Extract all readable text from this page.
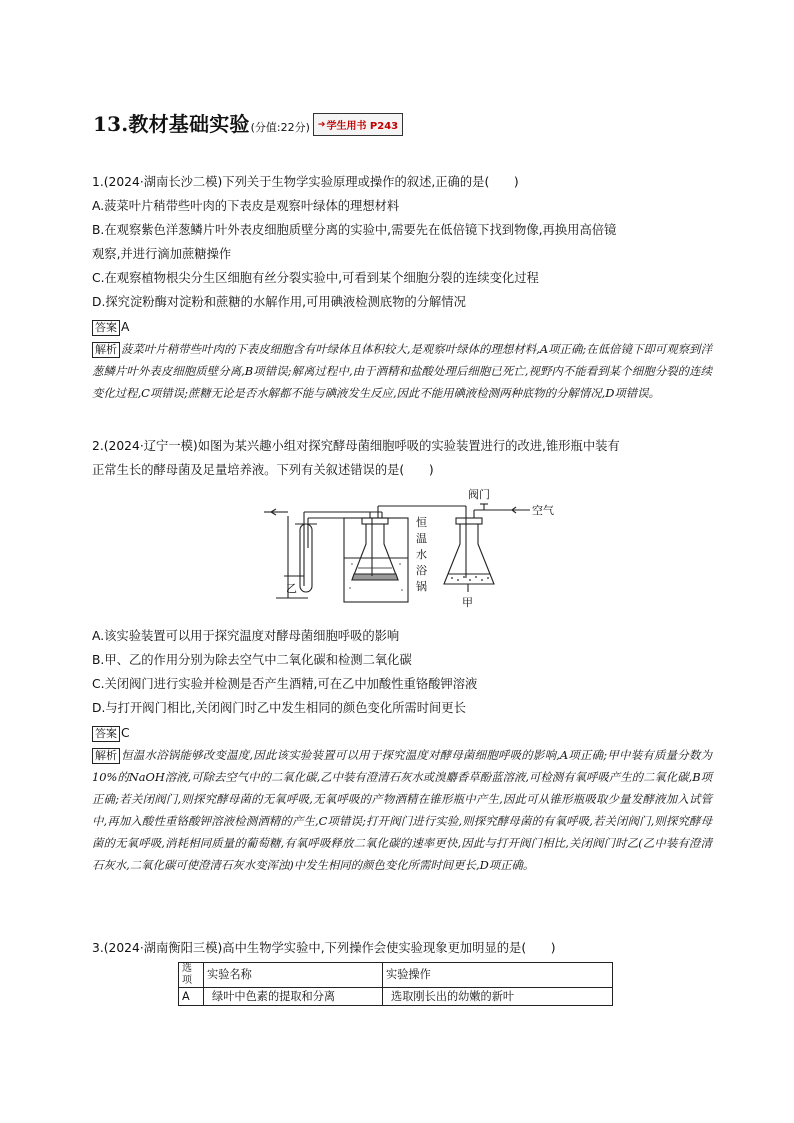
13.教材基础实验 (分值:22分) ➔ 学生用书 P243

1.(2024·湖南长沙二模)下列关于生物学实验原理或操作的叙述,正确的是(　　)

A.菠菜叶片稍带些叶肉的下表皮是观察叶绿体的理想材料

B.在观察紫色洋葱鳞片叶外表皮细胞质壁分离的实验中,需要先在低倍镜下找到物像,再换用高倍镜

观察,并进行滴加蔗糖操作

C.在观察植物根尖分生区细胞有丝分裂实验中,可看到某个细胞分裂的连续变化过程

D.探究淀粉酶对淀粉和蔗糖的水解作用,可用碘液检测底物的分解情况

答案 A
解析 菠菜叶片稍带些叶肉的下表皮细胞含有叶绿体且体积较大,是观察叶绿体的理想材料,A项正确;在低倍镜下即可观察到洋葱鳞片叶外表皮细胞质壁分离,B项错误;解离过程中,由于酒精和盐酸处理后细胞已死亡,视野内不能看到某个细胞分裂的连续变化过程,C项错误;蔗糖无论是否水解都不能与碘液发生反应,因此不能用碘液检测两种底物的分解情况,D项错误。

2.(2024·辽宁一模)如图为某兴趣小组对探究酵母菌细胞呼吸的实验装置进行的改进,锥形瓶中装有

正常生长的酵母菌及足量培养液。下列有关叙述错误的是(　　)

阀门
空气
恒
温
水
浴
锅
甲
乙

A.该实验装置可以用于探究温度对酵母菌细胞呼吸的影响

B.甲、乙的作用分别为除去空气中二氧化碳和检测二氧化碳

C.关闭阀门进行实验并检测是否产生酒精,可在乙中加酸性重铬酸钾溶液

D.与打开阀门相比,关闭阀门时乙中发生相同的颜色变化所需时间更长

答案 C
解析 恒温水浴锅能够改变温度,因此该实验装置可以用于探究温度对酵母菌细胞呼吸的影响,A项正确;甲中装有质量分数为10%的NaOH溶液,可除去空气中的二氧化碳,乙中装有澄清石灰水或溴麝香草酚蓝溶液,可检测有氧呼吸产生的二氧化碳,B项正确;若关闭阀门,则探究酵母菌的无氧呼吸,无氧呼吸的产物酒精在锥形瓶中产生,因此可从锥形瓶吸取少量发酵液加入试管中,再加入酸性重铬酸钾溶液检测酒精的产生,C项错误;打开阀门进行实验,则探究酵母菌的有氧呼吸,若关闭阀门,则探究酵母菌的无氧呼吸,消耗相同质量的葡萄糖,有氧呼吸释放二氧化碳的速率更快,因此与打开阀门相比,关闭阀门时乙(乙中装有澄清石灰水,二氧化碳可使澄清石灰水变浑浊)中发生相同的颜色变化所需时间更长,D项正确。

3.(2024·湖南衡阳三模)高中生物学实验中,下列操作会使实验现象更加明显的是(　　)

选项	实验名称	实验操作
A	绿叶中色素的提取和分离	选取刚长出的幼嫩的新叶
